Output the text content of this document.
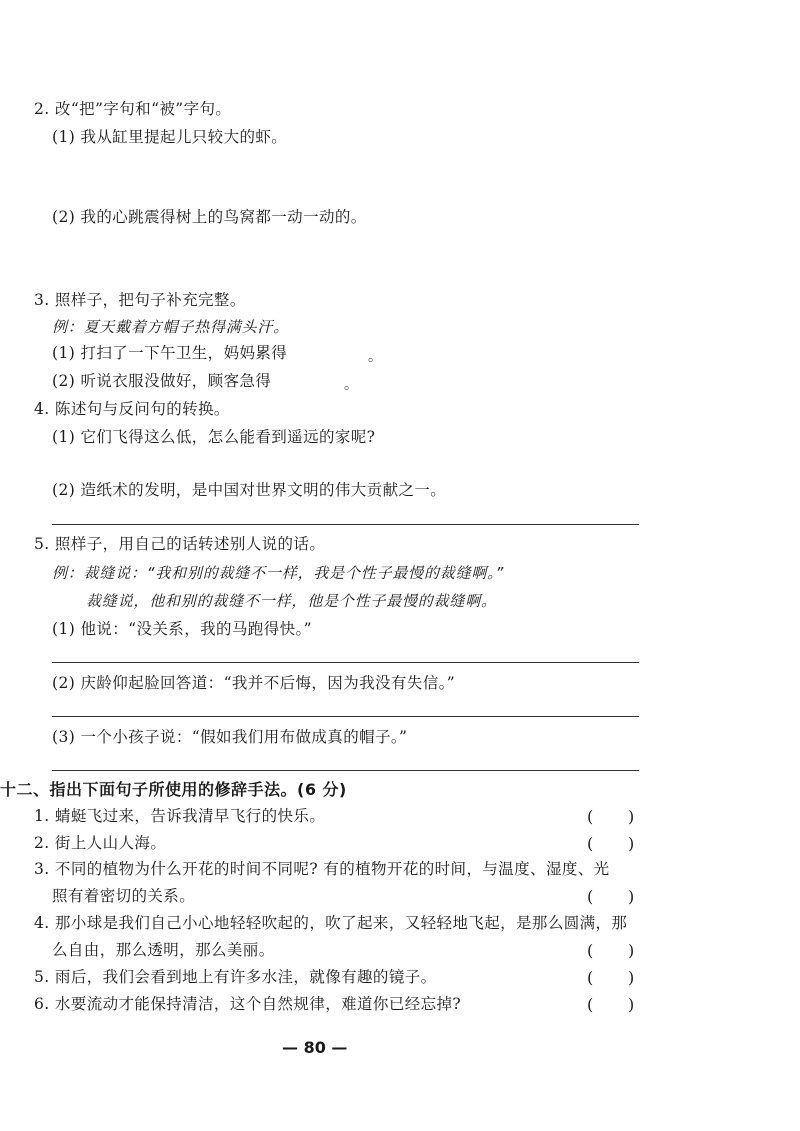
2. 改“把”字句和“被”字句。
(1) 我从缸里提起儿只较大的虾。
(2) 我的心跳震得树上的鸟窝都一动一动的。
3. 照样子，把句子补充完整。
例：夏天戴着方帽子热得满头汗。
(1) 打扫了一下午卫生，妈妈累得	。
(2) 听说衣服没做好，顾客急得	。
4. 陈述句与反问句的转换。
(1) 它们飞得这么低，怎么能看到遥远的家呢?
(2) 造纸术的发明，是中国对世界文明的伟大贡献之一。
5. 照样子，用自己的话转述别人说的话。
例：裁缝说：“我和别的裁缝不一样，我是个性子最慢的裁缝啊。”
裁缝说，他和别的裁缝不一样，他是个性子最慢的裁缝啊。
(1) 他说：“没关系，我的马跑得快。”
(2) 庆龄仰起脸回答道：“我并不后悔，因为我没有失信。”
(3) 一个小孩子说：“假如我们用布做成真的帽子。”
十二、指出下面句子所使用的修辞手法。(6 分)
1. 蜻蜓飞过来，告诉我清早飞行的快乐。	( )
2. 街上人山人海。	( )
3. 不同的植物为什么开花的时间不同呢? 有的植物开花的时间，与温度、湿度、光
照有着密切的关系。	( )
4. 那小球是我们自己小心地轻轻吹起的，吹了起来，又轻轻地飞起，是那么圆满，那
么自由，那么透明，那么美丽。	( )
5. 雨后，我们会看到地上有许多水洼，就像有趣的镜子。	( )
6. 水要流动才能保持清洁，这个自然规律，难道你已经忘掉?	( )
— 80 —
